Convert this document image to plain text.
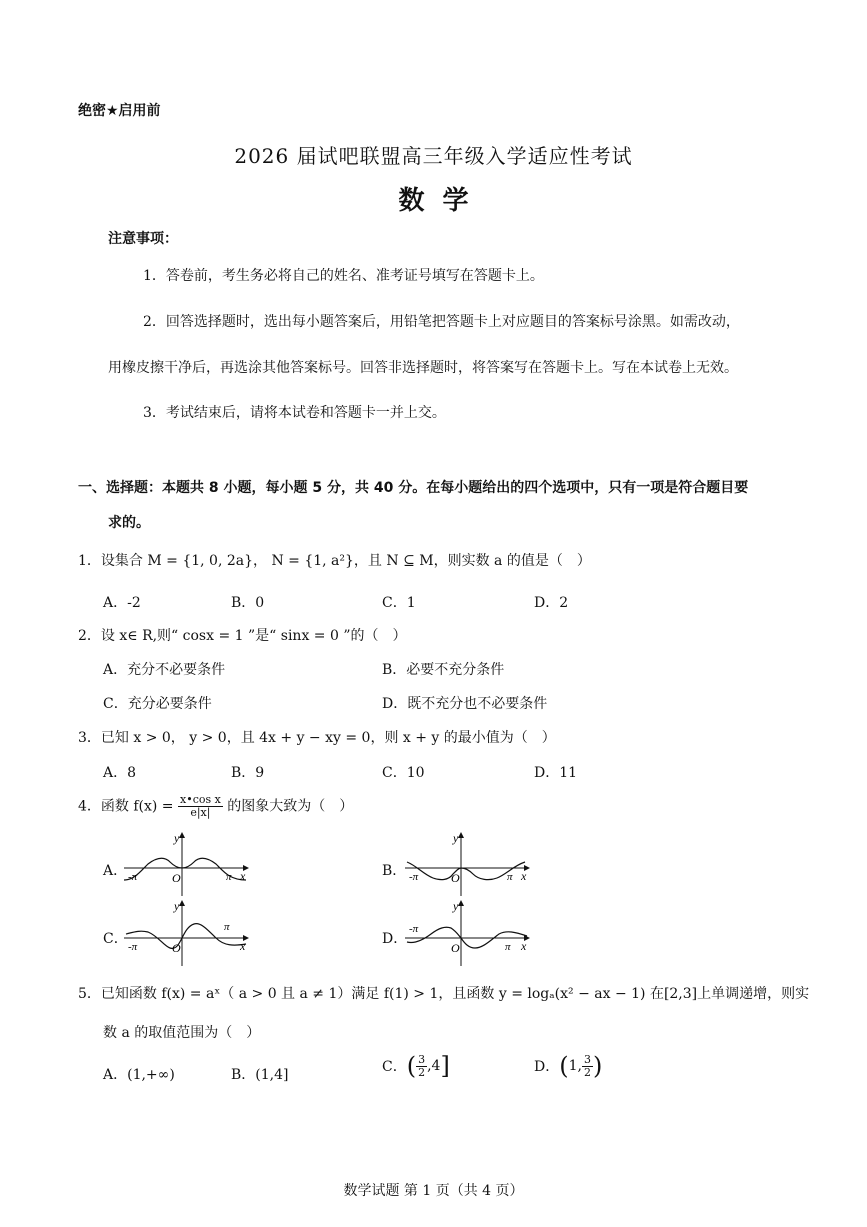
绝密★启用前
2026 届试吧联盟高三年级入学适应性考试
数学
注意事项：
1．答卷前，考生务必将自己的姓名、准考证号填写在答题卡上。
2．回答选择题时，选出每小题答案后，用铅笔把答题卡上对应题目的答案标号涂黑。如需改动，
用橡皮擦干净后，再选涂其他答案标号。回答非选择题时，将答案写在答题卡上。写在本试卷上无效。
3．考试结束后，请将本试卷和答题卡一并上交。
一、选择题：本题共 8 小题，每小题 5 分，共 40 分。在每小题给出的四个选项中，只有一项是符合题目要
求的。
1．设集合 M = {1, 0, 2a}， N = {1, a²}，且 N ⊆ M，则实数 a 的值是（　）
A．-2	B．0	C．1	D．2
2．设 x∈ R,则“ cosx = 1 ”是“ sinx = 0 ”的（　）
A．充分不必要条件	B．必要不充分条件
C．充分必要条件	D．既不充分也不必要条件
3．已知 x > 0， y > 0，且 4x + y − xy = 0，则 x + y 的最小值为（　）
A．8	B．9	C．10	D．11
4．函数 $f(x) = \frac{\text{x•cos x}}{e|x|}$ 的图象大致为（　）
A．	B．
C．	D．
y
x
O
-π	π
y
x
O
-π	π
y
x
O
-π
π
y
x
O
-π
π
5．已知函数 f(x) = aˣ（ a > 0 且 a ≠ 1）满足 f(1) > 1，且函数 y = logₐ(x² − ax − 1) 在[2,3]上单调递增，则实
数 a 的取值范围为（　）
A．(1,+∞)	B．(1,4]	C．( $\frac{3}{2} ,4$]	D．(1, $\frac{3}{2}$ )
数学试题 第 1 页（共 4 页）
